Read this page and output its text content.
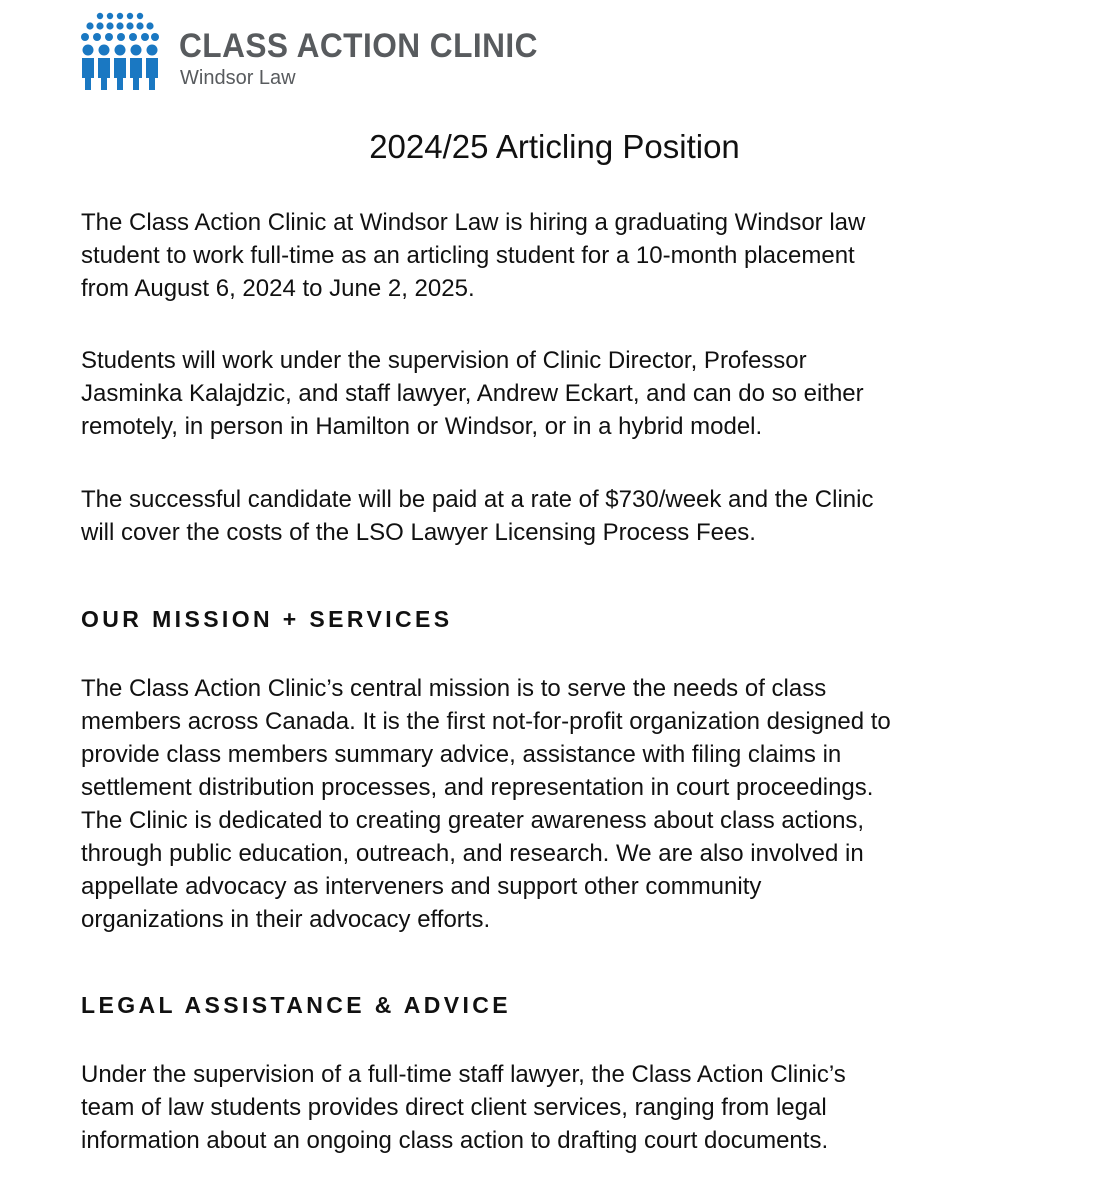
CLASS ACTION CLINIC
Windsor Law
2024/25 Articling Position

The Class Action Clinic at Windsor Law is hiring a graduating Windsor law
student to work full-time as an articling student for a 10-month placement
from August 6, 2024 to June 2, 2025.

Students will work under the supervision of Clinic Director, Professor
Jasminka Kalajdzic, and staff lawyer, Andrew Eckart, and can do so either
remotely, in person in Hamilton or Windsor, or in a hybrid model.

The successful candidate will be paid at a rate of $730/week and the Clinic
will cover the costs of the LSO Lawyer Licensing Process Fees.

OUR MISSION + SERVICES

The Class Action Clinic’s central mission is to serve the needs of class
members across Canada. It is the first not-for-profit organization designed to
provide class members summary advice, assistance with filing claims in
settlement distribution processes, and representation in court proceedings.
The Clinic is dedicated to creating greater awareness about class actions,
through public education, outreach, and research. We are also involved in
appellate advocacy as interveners and support other community
organizations in their advocacy efforts.

LEGAL ASSISTANCE & ADVICE

Under the supervision of a full-time staff lawyer, the Class Action Clinic’s
team of law students provides direct client services, ranging from legal
information about an ongoing class action to drafting court documents.
